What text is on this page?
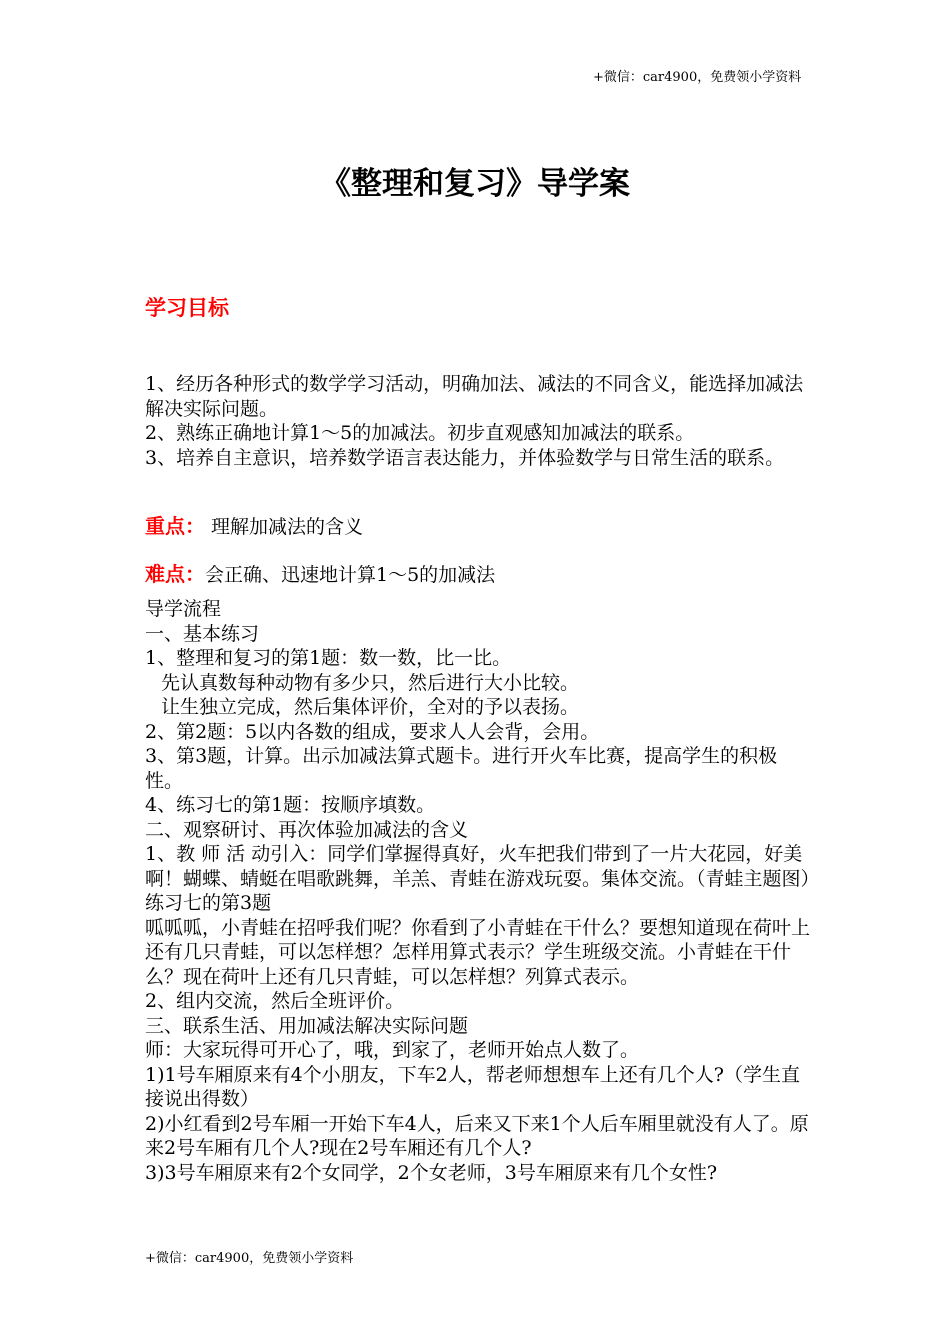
+微信：car4900，免费领小学资料
《整理和复习》导学案
学习目标

1、经历各种形式的数学学习活动，明确加法、减法的不同含义，能选择加减法解决实际问题。

2、熟练正确地计算1～5的加减法。初步直观感知加减法的联系。

3、培养自主意识，培养数学语言表达能力，并体验数学与日常生活的联系。

重点： 理解加减法的含义
难点：会正确、迅速地计算1～5的加减法

导学流程

一、基本练习

1、整理和复习的第1题：数一数，比一比。

先认真数每种动物有多少只，然后进行大小比较。

让生独立完成，然后集体评价，全对的予以表扬。

2、第2题：5以内各数的组成，要求人人会背，会用。

3、第3题，计算。出示加减法算式题卡。进行开火车比赛，提高学生的积极性。

4、练习七的第1题：按顺序填数。

二、观察研讨、再次体验加减法的含义

1、教 师 活 动引入：同学们掌握得真好，火车把我们带到了一片大花园，好美啊！蝴蝶、蜻蜓在唱歌跳舞，羊羔、青蛙在游戏玩耍。集体交流。（青蛙主题图）练习七的第3题

呱呱呱，小青蛙在招呼我们呢？你看到了小青蛙在干什么？要想知道现在荷叶上还有几只青蛙，可以怎样想？怎样用算式表示？学生班级交流。小青蛙在干什么？现在荷叶上还有几只青蛙，可以怎样想？列算式表示。

2、组内交流，然后全班评价。

三、联系生活、用加减法解决实际问题

师：大家玩得可开心了，哦，到家了，老师开始点人数了。

1)1号车厢原来有4个小朋友，下车2人，帮老师想想车上还有几个人?（学生直接说出得数）

2)小红看到2号车厢一开始下车4人，后来又下来1个人后车厢里就没有人了。原来2号车厢有几个人?现在2号车厢还有几个人?

3)3号车厢原来有2个女同学，2个女老师，3号车厢原来有几个女性?

+微信：car4900，免费领小学资料
